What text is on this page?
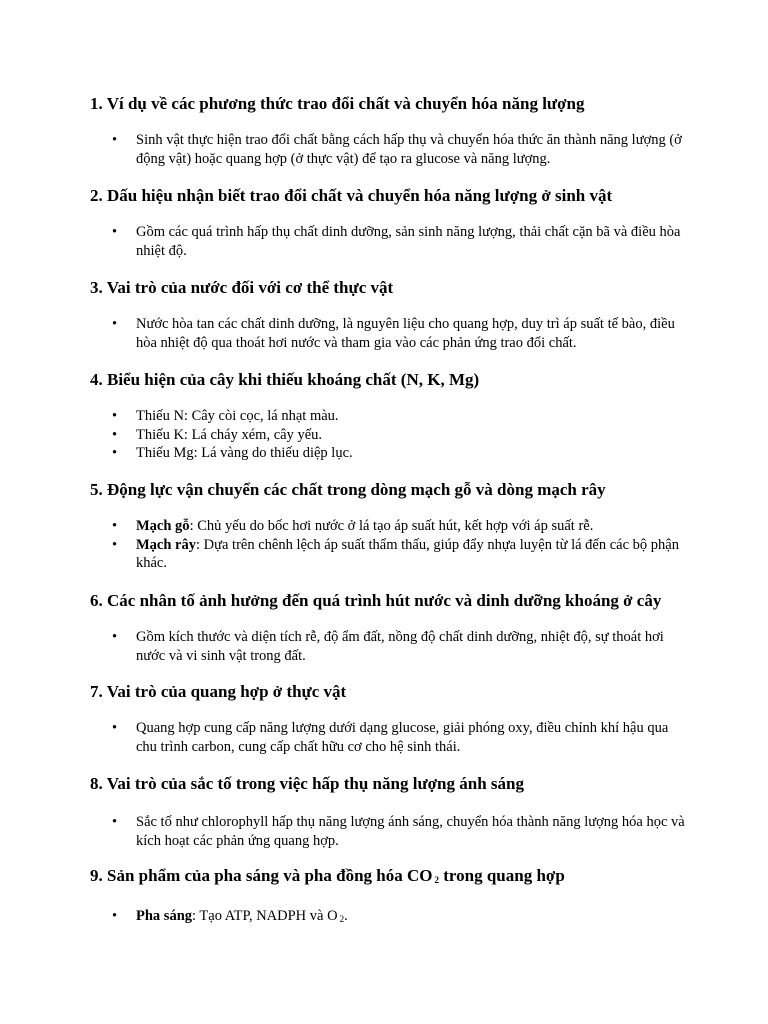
1. Ví dụ về các phương thức trao đổi chất và chuyển hóa năng lượng
• Sinh vật thực hiện trao đổi chất bằng cách hấp thụ và chuyển hóa thức ăn thành năng lượng (ở động vật) hoặc quang hợp (ở thực vật) để tạo ra glucose và năng lượng.
2. Dấu hiệu nhận biết trao đổi chất và chuyển hóa năng lượng ở sinh vật
• Gồm các quá trình hấp thụ chất dinh dưỡng, sản sinh năng lượng, thải chất cặn bã và điều hòa nhiệt độ.
3. Vai trò của nước đối với cơ thể thực vật
• Nước hòa tan các chất dinh dưỡng, là nguyên liệu cho quang hợp, duy trì áp suất tế bào, điều hòa nhiệt độ qua thoát hơi nước và tham gia vào các phản ứng trao đổi chất.
4. Biểu hiện của cây khi thiếu khoáng chất (N, K, Mg)
• Thiếu N: Cây còi cọc, lá nhạt màu.
• Thiếu K: Lá cháy xém, cây yếu.
• Thiếu Mg: Lá vàng do thiếu diệp lục.
5. Động lực vận chuyển các chất trong dòng mạch gỗ và dòng mạch rây
• Mạch gỗ: Chủ yếu do bốc hơi nước ở lá tạo áp suất hút, kết hợp với áp suất rễ.
• Mạch rây: Dựa trên chênh lệch áp suất thẩm thấu, giúp đẩy nhựa luyện từ lá đến các bộ phận khác.
6. Các nhân tố ảnh hưởng đến quá trình hút nước và dinh dưỡng khoáng ở cây
• Gồm kích thước và diện tích rễ, độ ẩm đất, nồng độ chất dinh dưỡng, nhiệt độ, sự thoát hơi nước và vi sinh vật trong đất.
7. Vai trò của quang hợp ở thực vật
• Quang hợp cung cấp năng lượng dưới dạng glucose, giải phóng oxy, điều chỉnh khí hậu qua chu trình carbon, cung cấp chất hữu cơ cho hệ sinh thái.
8. Vai trò của sắc tố trong việc hấp thụ năng lượng ánh sáng
• Sắc tố như chlorophyll hấp thụ năng lượng ánh sáng, chuyển hóa thành năng lượng hóa học và kích hoạt các phản ứng quang hợp.
9. Sản phẩm của pha sáng và pha đồng hóa CO $_2$ trong quang hợp
• Pha sáng: Tạo ATP, NADPH và O $_2$.
